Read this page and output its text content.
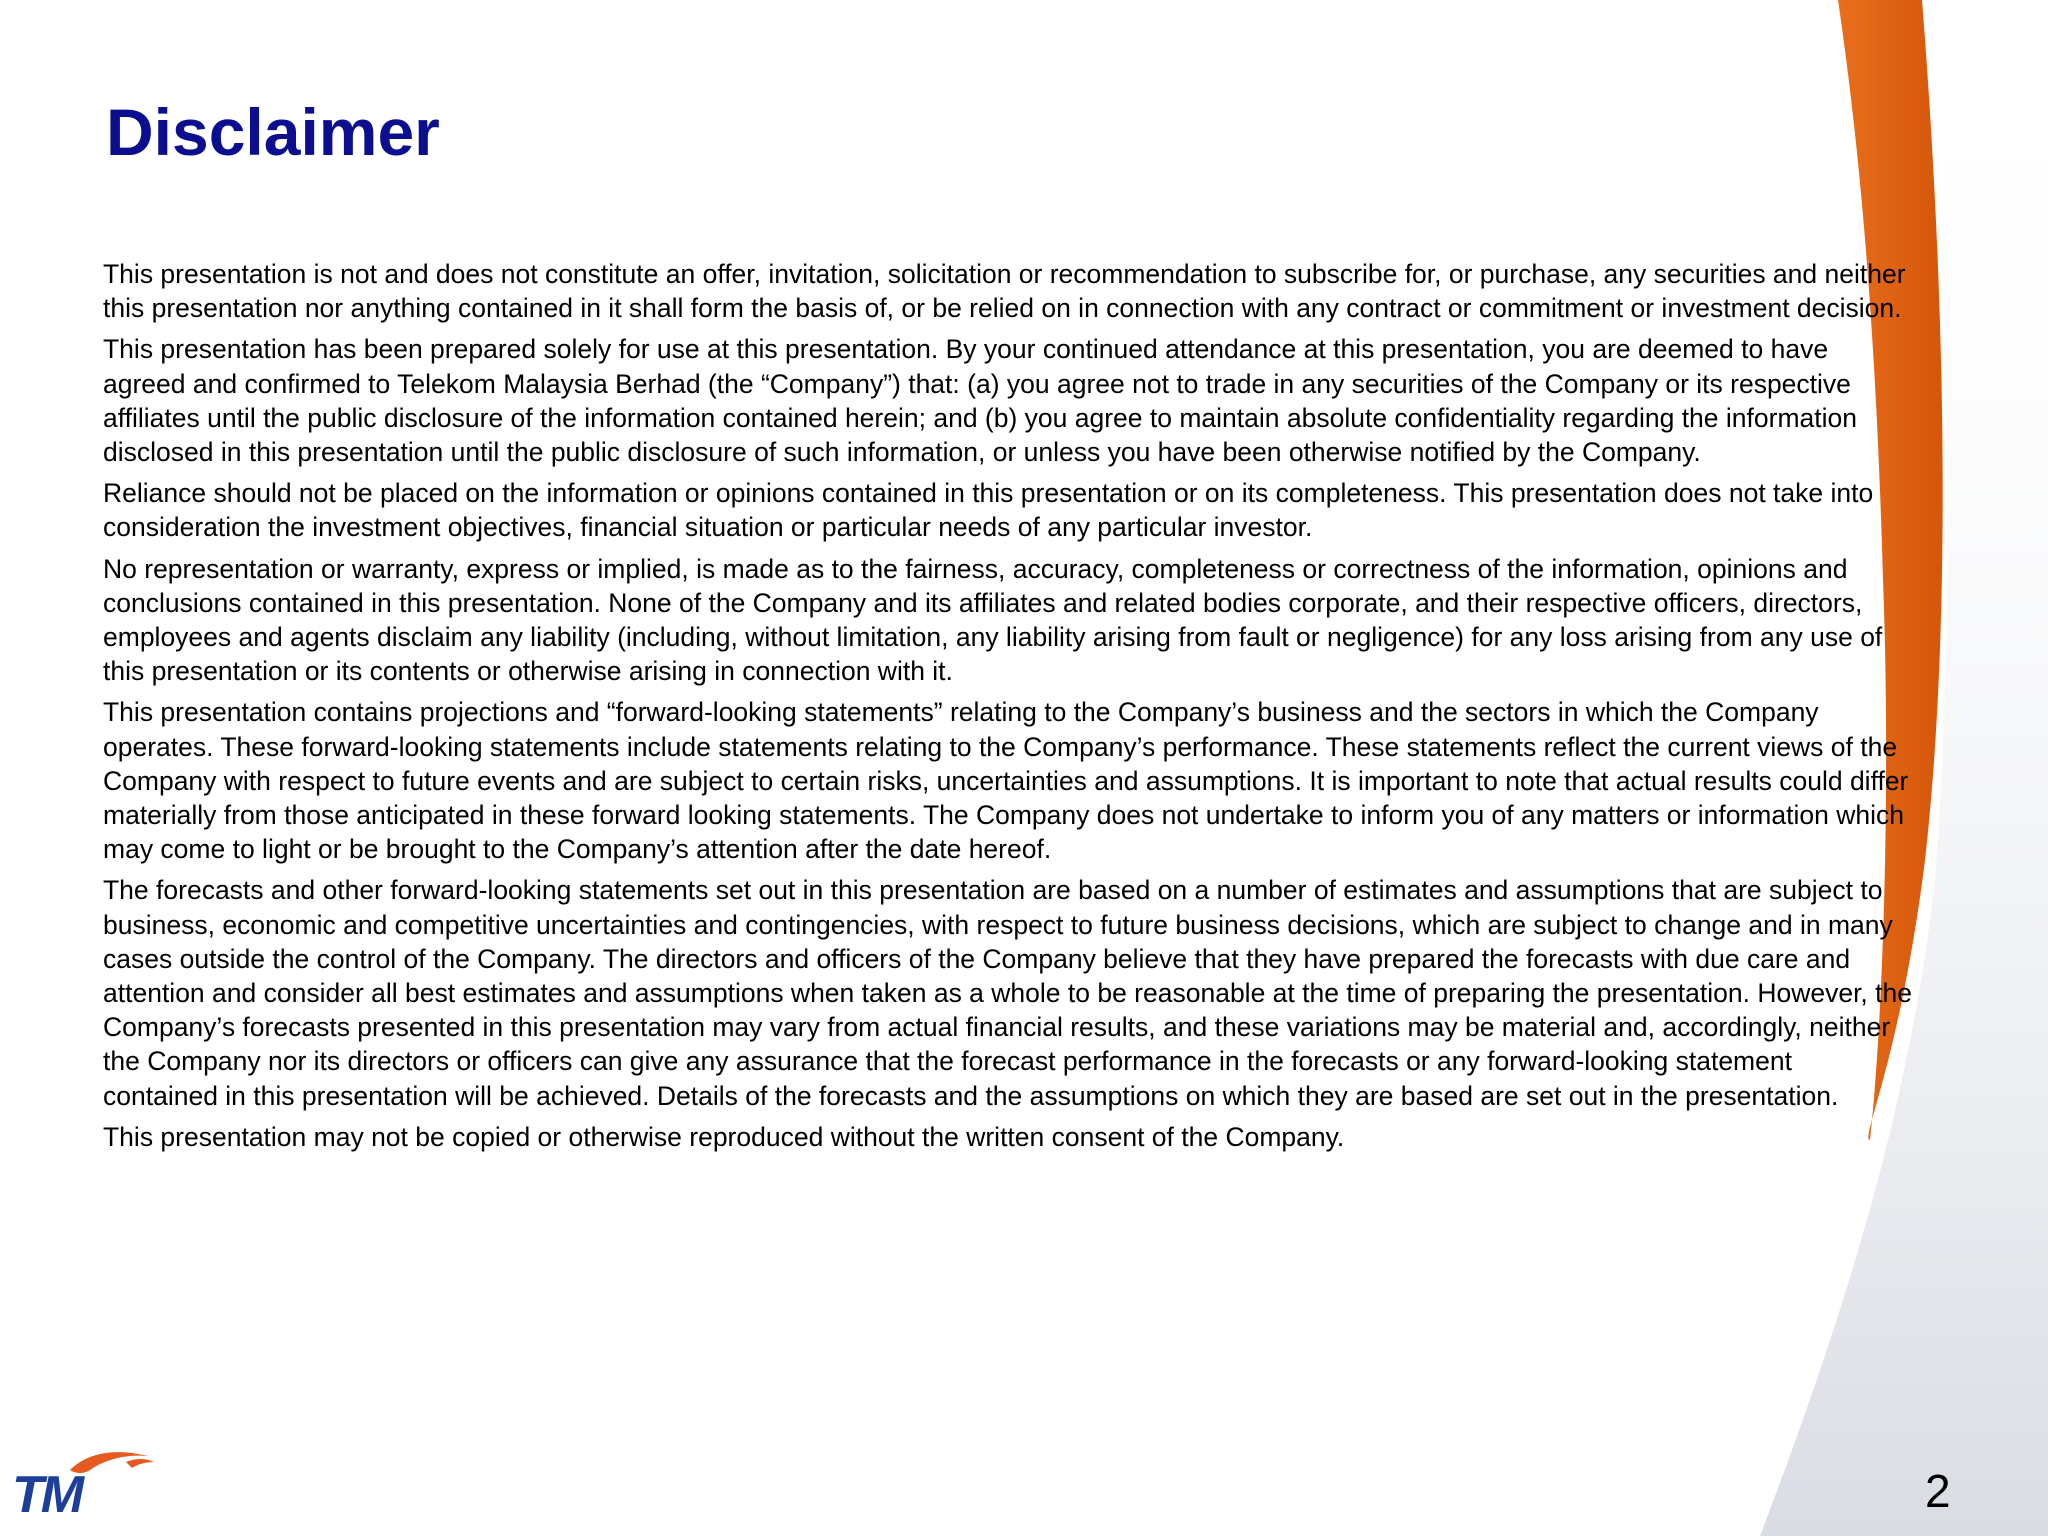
Disclaimer

This presentation is not and does not constitute an offer, invitation, solicitation or recommendation to subscribe for, or purchase, any securities and neither this presentation nor anything contained in it shall form the basis of, or be relied on in connection with any contract or commitment or investment decision.

This presentation has been prepared solely for use at this presentation. By your continued attendance at this presentation, you are deemed to have agreed and confirmed to Telekom Malaysia Berhad (the “Company”) that: (a) you agree not to trade in any securities of the Company or its respective affiliates until the public disclosure of the information contained herein; and (b) you agree to maintain absolute confidentiality regarding the information disclosed in this presentation until the public disclosure of such information, or unless you have been otherwise notified by the Company.

Reliance should not be placed on the information or opinions contained in this presentation or on its completeness. This presentation does not take into consideration the investment objectives, financial situation or particular needs of any particular investor.

No representation or warranty, express or implied, is made as to the fairness, accuracy, completeness or correctness of the information, opinions and conclusions contained in this presentation. None of the Company and its affiliates and related bodies corporate, and their respective officers, directors, employees and agents disclaim any liability (including, without limitation, any liability arising from fault or negligence) for any loss arising from any use of this presentation or its contents or otherwise arising in connection with it.

This presentation contains projections and “forward-looking statements” relating to the Company’s business and the sectors in which the Company operates. These forward-looking statements include statements relating to the Company’s performance. These statements reflect the current views of the Company with respect to future events and are subject to certain risks, uncertainties and assumptions. It is important to note that actual results could differ materially from those anticipated in these forward looking statements. The Company does not undertake to inform you of any matters or information which may come to light or be brought to the Company’s attention after the date hereof.

The forecasts and other forward-looking statements set out in this presentation are based on a number of estimates and assumptions that are subject to business, economic and competitive uncertainties and contingencies, with respect to future business decisions, which are subject to change and in many cases outside the control of the Company. The directors and officers of the Company believe that they have prepared the forecasts with due care and attention and consider all best estimates and assumptions when taken as a whole to be reasonable at the time of preparing the presentation. However, the Company’s forecasts presented in this presentation may vary from actual financial results, and these variations may be material and, accordingly, neither the Company nor its directors or officers can give any assurance that the forecast performance in the forecasts or any forward-looking statement contained in this presentation will be achieved. Details of the forecasts and the assumptions on which they are based are set out in the presentation.

This presentation may not be copied or otherwise reproduced without the written consent of the Company.

TM	2
